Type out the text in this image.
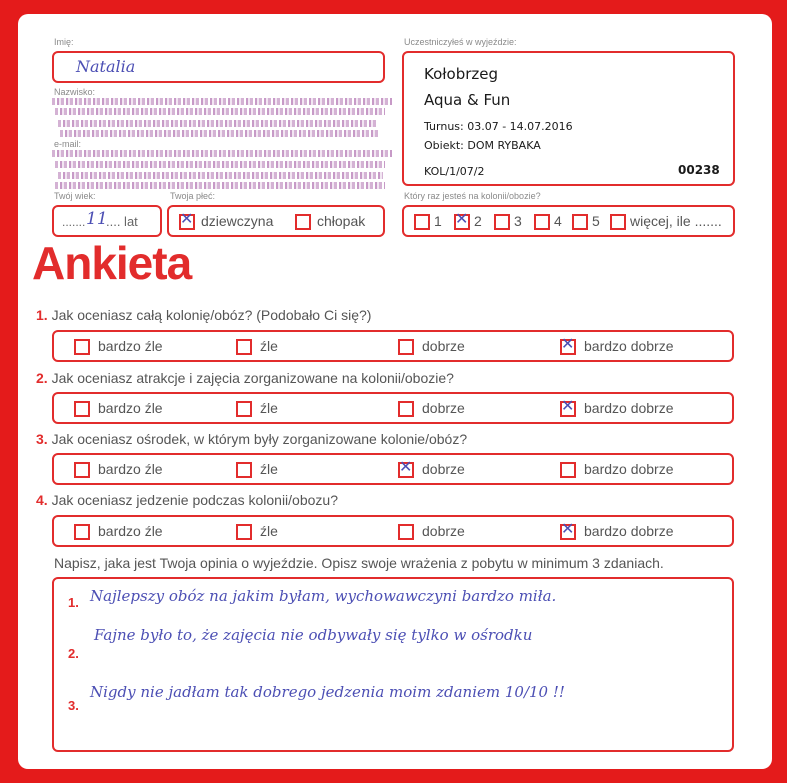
Imię:
Natalia
Nazwisko:
e-mail:
Twój wiek:
....... 11
.... lat
Twoja płeć:
✕ dziewczyna	chłopak
Uczestniczyłeś w wyjeździe:
Kołobrzeg
Aqua & Fun
Turnus: 03.07 - 14.07.2016
Obiekt: DOM RYBAKA
KOL/1/07/2	00238
Który raz jesteś na kolonii/obozie?
1 ✕ 2 3 4 5 więcej, ile .......
Ankieta
1. Jak oceniasz całą kolonię/obóz? (Podobało Ci się?)
bardzo źle	źle	dobrze	✕ bardzo dobrze
2. Jak oceniasz atrakcje i zajęcia zorganizowane na kolonii/obozie?
bardzo źle	źle	dobrze	✕ bardzo dobrze
3. Jak oceniasz ośrodek, w którym były zorganizowane kolonie/obóz?
bardzo źle	źle	✕ dobrze	bardzo dobrze
4. Jak oceniasz jedzenie podczas kolonii/obozu?
bardzo źle	źle	dobrze	✕ bardzo dobrze
Napisz, jaka jest Twoja opinia o wyjeździe. Opisz swoje wrażenia z pobytu w minimum 3 zdaniach.
1. Najlepszy obóz na jakim byłam, wychowawczyni bardzo miła.
2.
Fajne było to, że zajęcia nie odbywały się tylko w ośrodku
3.
Nigdy nie jadłam tak dobrego jedzenia moim zdaniem 10/10 !!
